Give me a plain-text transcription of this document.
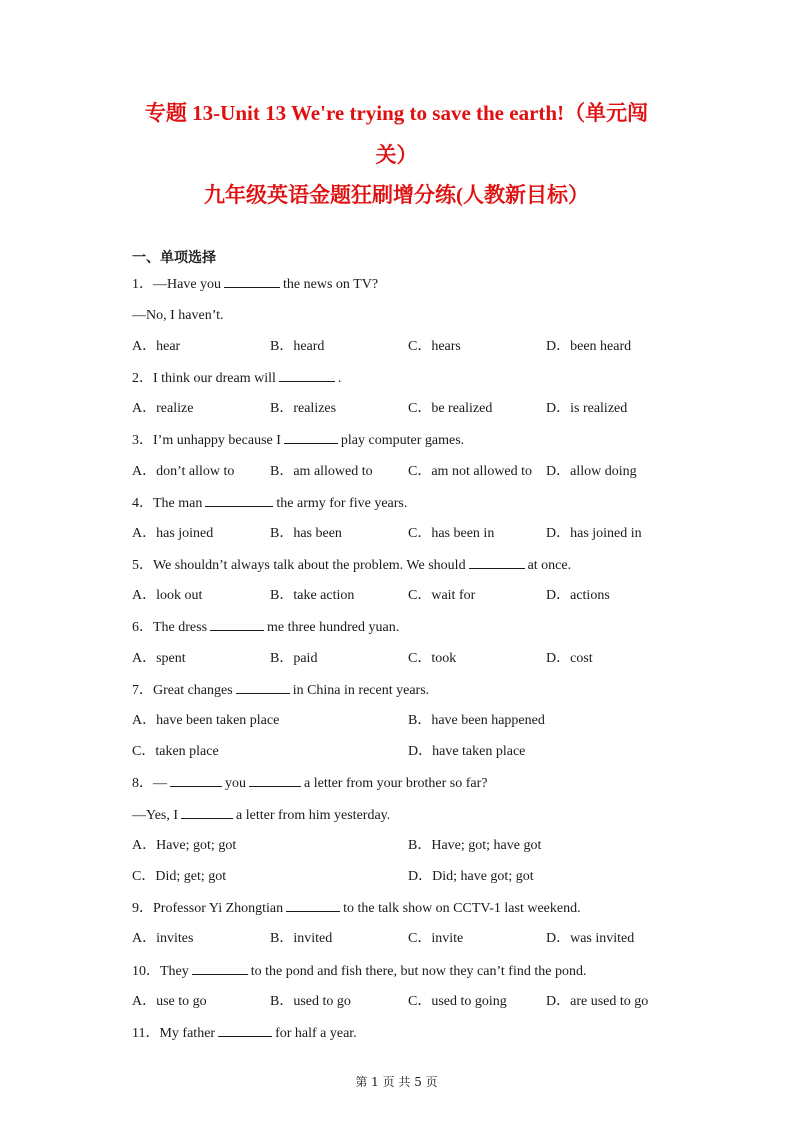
专题 13-Unit 13 We're trying to save the earth!（单元闯
关）
九年级英语金题狂刷增分练(人教新目标）
一、单项选择
1．—Have you	the news on TV?
—No, I haven’t.
A．hear	B．heard	C．hears	D．been heard
2．I think our dream will	.
A．realize	B．realizes	C．be realized	D．is realized
3．I’m unhappy because I	play computer games.
A．don’t allow to	B．am allowed to	C．am not allowed to D．allow doing
4．The man	the army for five years.
A．has joined	B．has been	C．has been in	D．has joined in
5．We shouldn’t always talk about the problem. We should	at once.
A．look out	B．take action	C．wait for	D．actions
6．The dress	me three hundred yuan.
A．spent	B．paid	C．took	D．cost
7．Great changes	in China in recent years.
A．have been taken place	B．have been happened
C．taken place	D．have taken place
8．—	you	a letter from your brother so far?
—Yes, I	a letter from him yesterday.
A．Have; got; got	B．Have; got; have got
C．Did; get; got	D．Did; have got; got
9．Professor Yi Zhongtian	to the talk show on CCTV-1 last weekend.
A．invites	B．invited	C．invite	D．was invited
10．They	to the pond and fish there, but now they can’t find the pond.
A．use to go	B．used to go	C．used to going	D．are used to go
11．My father	for half a year.
第 1 页 共 5 页
